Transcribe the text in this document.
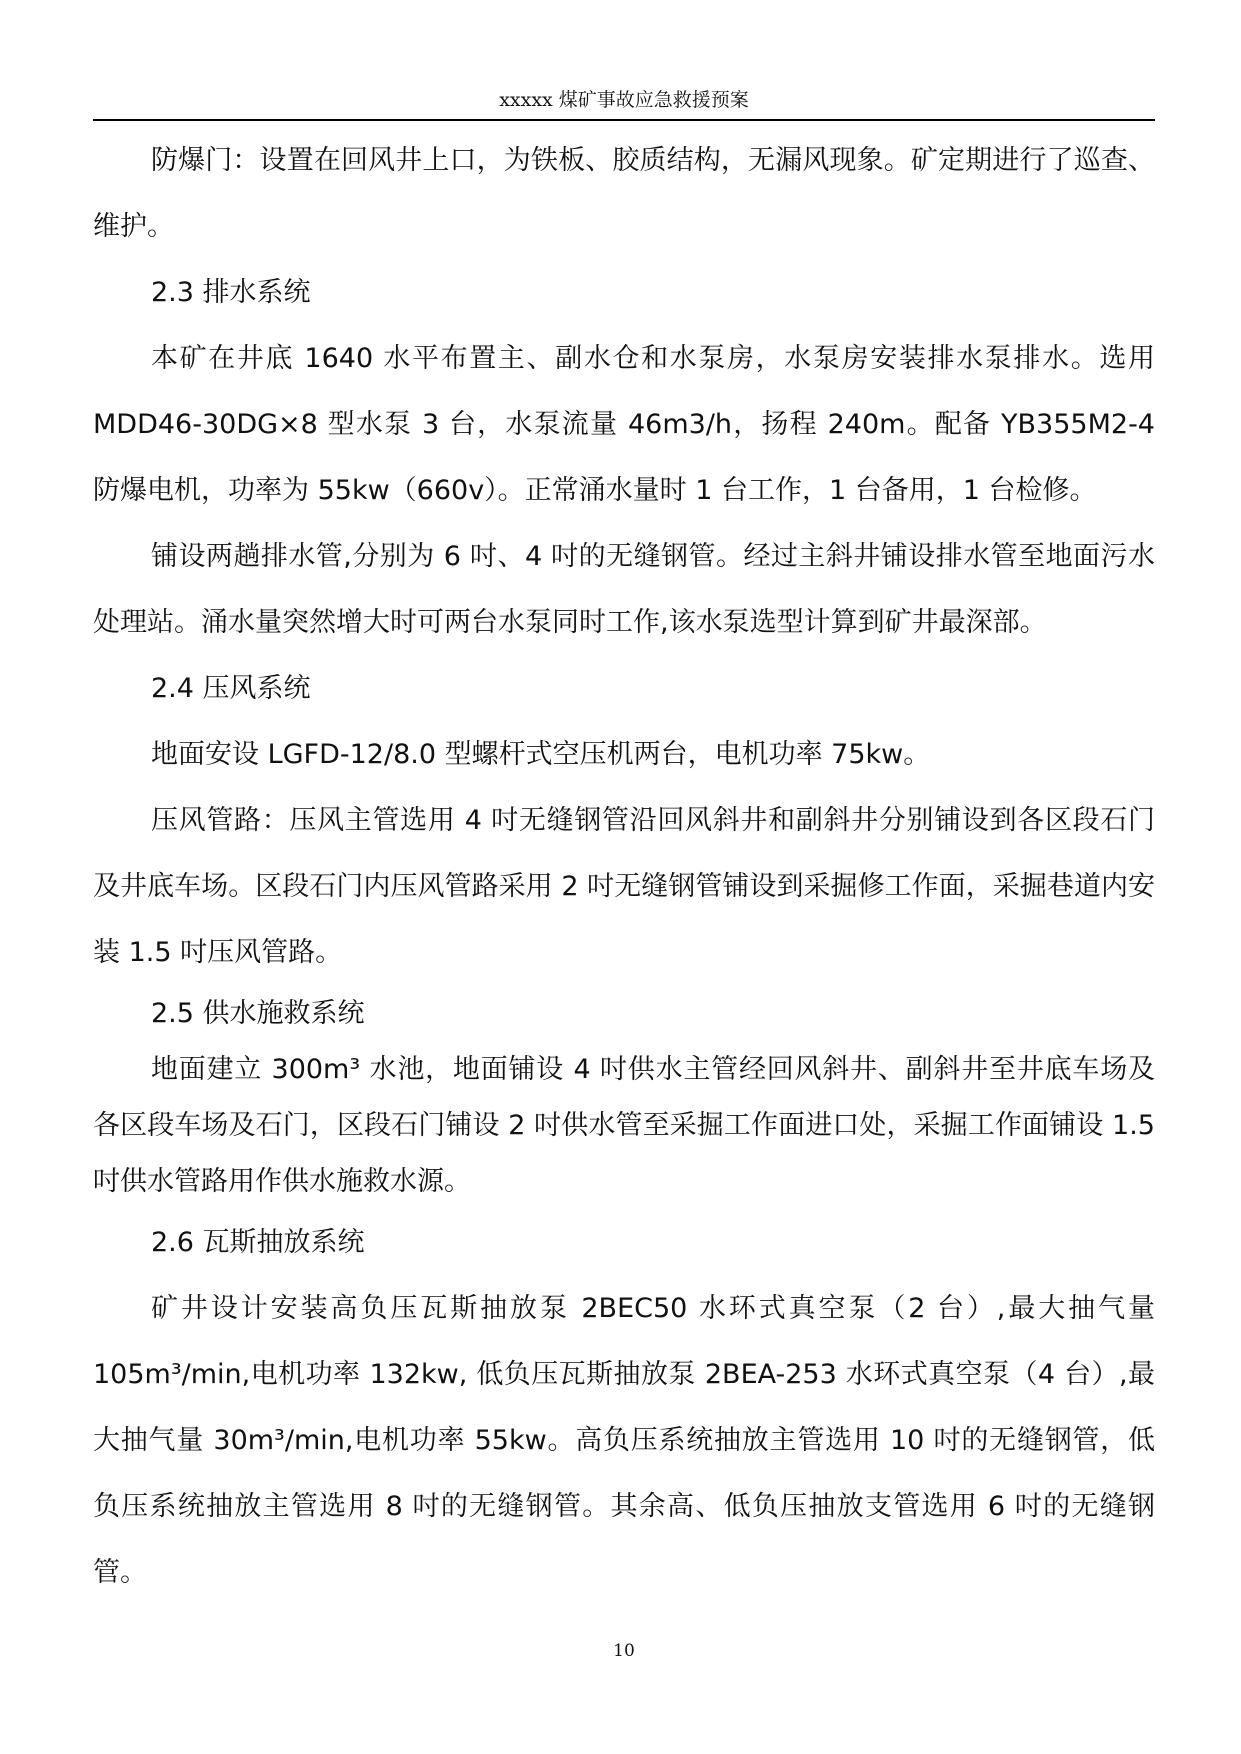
xxxxx 煤矿事故应急救援预案

防爆门：设置在回风井上口，为铁板、胶质结构，无漏风现象。矿定期进行了巡查、维护。

2.3 排水系统

本矿在井底 1640 水平布置主、副水仓和水泵房，水泵房安装排水泵排水。选用 MDD46-30DG×8 型水泵 3 台，水泵流量 46m3/h，扬程 240m。配备 YB355M2-4 防爆电机，功率为 55kw（660v）。正常涌水量时 1 台工作，1 台备用，1 台检修。

铺设两趟排水管,分别为 6 吋、4 吋的无缝钢管。经过主斜井铺设排水管至地面污水处理站。涌水量突然增大时可两台水泵同时工作,该水泵选型计算到矿井最深部。

2.4 压风系统

地面安设 LGFD-12/8.0 型螺杆式空压机两台，电机功率 75kw。

压风管路：压风主管选用 4 吋无缝钢管沿回风斜井和副斜井分别铺设到各区段石门及井底车场。区段石门内压风管路采用 2 吋无缝钢管铺设到采掘修工作面，采掘巷道内安装 1.5 吋压风管路。

2.5 供水施救系统

地面建立 300m³ 水池，地面铺设 4 吋供水主管经回风斜井、副斜井至井底车场及各区段车场及石门，区段石门铺设 2 吋供水管至采掘工作面进口处，采掘工作面铺设 1.5 吋供水管路用作供水施救水源。

2.6 瓦斯抽放系统

矿井设计安装高负压瓦斯抽放泵 2BEC50 水环式真空泵（2 台）,最大抽气量 105m³/min,电机功率 132kw, 低负压瓦斯抽放泵 2BEA-253 水环式真空泵（4 台）,最大抽气量 30m³/min,电机功率 55kw。高负压系统抽放主管选用 10 吋的无缝钢管，低负压系统抽放主管选用 8 吋的无缝钢管。其余高、低负压抽放支管选用 6 吋的无缝钢管。

10
